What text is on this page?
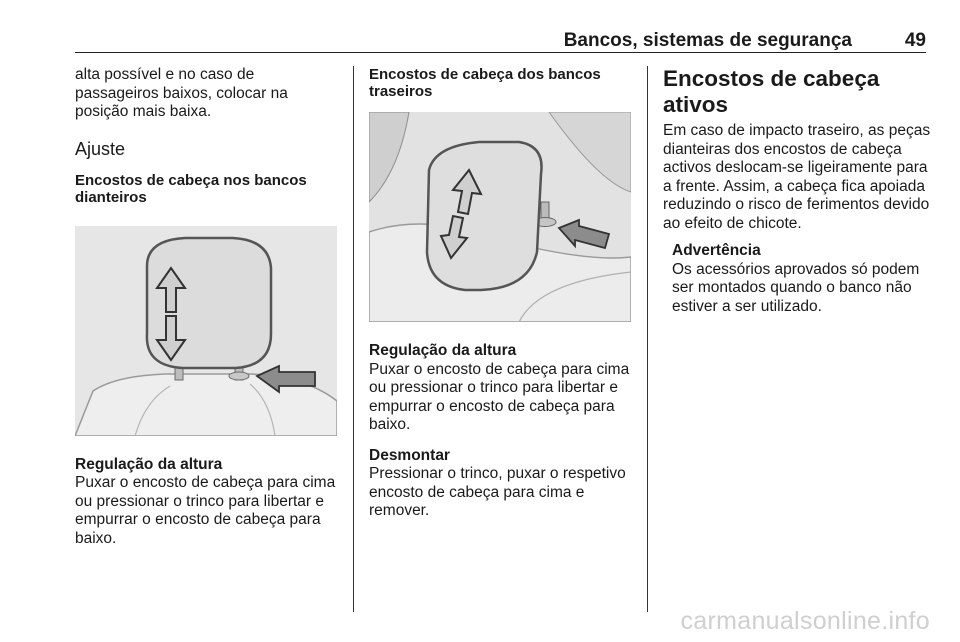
Bancos, sistemas de segurança	49

alta possível e no caso de passageiros baixos, colocar na posição mais baixa.

Ajuste
Encostos de cabeça nos bancos dianteiros
Regulação da altura

Puxar o encosto de cabeça para cima ou pressionar o trinco para libertar e empurrar o encosto de cabeça para baixo.

Encostos de cabeça dos bancos traseiros
Regulação da altura

Puxar o encosto de cabeça para cima ou pressionar o trinco para libertar e empurrar o encosto de cabeça para baixo.

Desmontar

Pressionar o trinco, puxar o respetivo encosto de cabeça para cima e remover.

Encostos de cabeça ativos

Em caso de impacto traseiro, as peças dianteiras dos encostos de cabeça activos deslocam-se ligeiramente para a frente. Assim, a cabeça fica apoiada reduzindo o risco de ferimentos devido ao efeito de chicote.

Advertência

Os acessórios aprovados só podem ser montados quando o banco não estiver a ser utilizado.

carmanualsonline.info
